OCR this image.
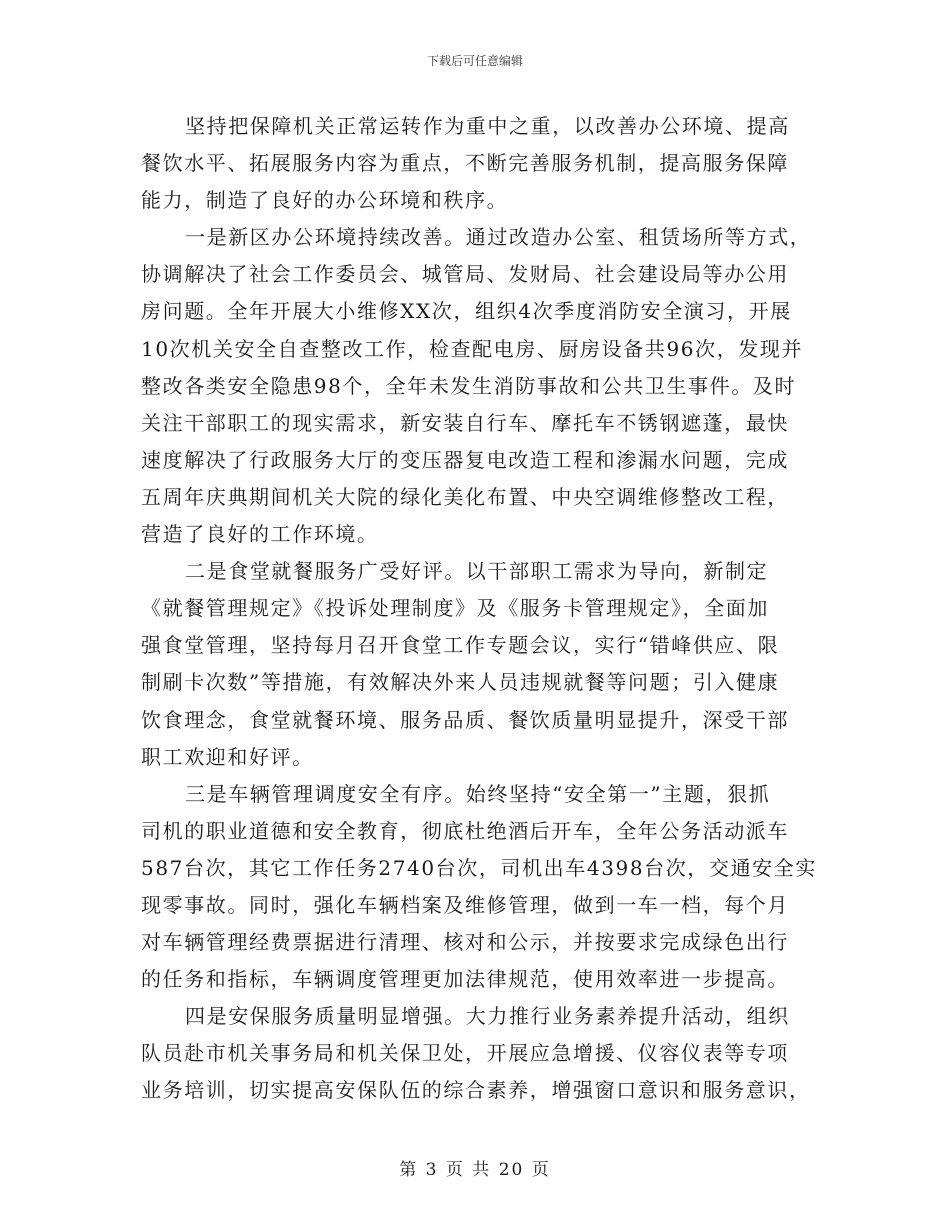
下载后可任意编辑

坚持把保障机关正常运转作为重中之重，以改善办公环境、提高
餐饮水平、拓展服务内容为重点，不断完善服务机制，提高服务保障
能力，制造了良好的办公环境和秩序。

一是新区办公环境持续改善。通过改造办公室、租赁场所等方式，
协调解决了社会工作委员会、城管局、发财局、社会建设局等办公用
房问题。全年开展大小维修XX次，组织4次季度消防安全演习，开展
10次机关安全自查整改工作，检查配电房、厨房设备共96次，发现并
整改各类安全隐患98个，全年未发生消防事故和公共卫生事件。及时
关注干部职工的现实需求，新安装自行车、摩托车不锈钢遮蓬，最快
速度解决了行政服务大厅的变压器复电改造工程和渗漏水问题，完成
五周年庆典期间机关大院的绿化美化布置、中央空调维修整改工程，
营造了良好的工作环境。

二是食堂就餐服务广受好评。以干部职工需求为导向，新制定
《就餐管理规定》《投诉处理制度》及《服务卡管理规定》，全面加
强食堂管理，坚持每月召开食堂工作专题会议，实行“错峰供应、限
制刷卡次数”等措施，有效解决外来人员违规就餐等问题；引入健康
饮食理念，食堂就餐环境、服务品质、餐饮质量明显提升，深受干部
职工欢迎和好评。

三是车辆管理调度安全有序。始终坚持“安全第一”主题，狠抓
司机的职业道德和安全教育，彻底杜绝酒后开车，全年公务活动派车
587台次，其它工作任务2740台次，司机出车4398台次，交通安全实
现零事故。同时，强化车辆档案及维修管理，做到一车一档，每个月
对车辆管理经费票据进行清理、核对和公示，并按要求完成绿色出行
的任务和指标，车辆调度管理更加法律规范，使用效率进一步提高。

四是安保服务质量明显增强。大力推行业务素养提升活动，组织
队员赴市机关事务局和机关保卫处，开展应急增援、仪容仪表等专项
业务培训，切实提高安保队伍的综合素养，增强窗口意识和服务意识，

第 3 页 共 20 页
